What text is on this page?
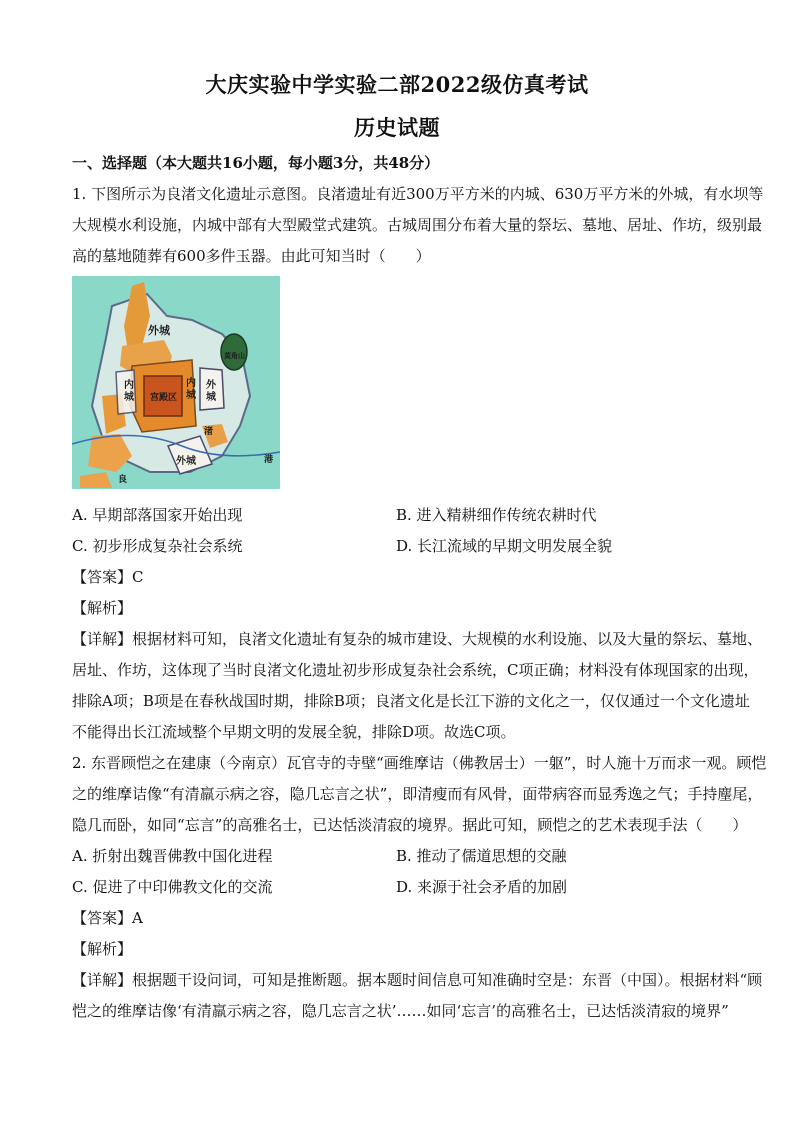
大庆实验中学实验二部2022级仿真考试
历史试题
一、选择题（本大题共16小题，每小题3分，共48分）
1. 下图所示为良渚文化遗址示意图。良渚遗址有近300万平方米的内城、630万平方米的外城，有水坝等
大规模水利设施，内城中部有大型殿堂式建筑。古城周围分布着大量的祭坛、墓地、居址、作坊，级别最
高的墓地随葬有600多件玉器。由此可知当时（　　）
外城
内城 宫殿区
内城
外城
外城
莫角山
良
渚
港
A. 早期部落国家开始出现	B. 进入精耕细作传统农耕时代
C. 初步形成复杂社会系统	D. 长江流域的早期文明发展全貌
【答案】C
【解析】
【详解】根据材料可知，良渚文化遗址有复杂的城市建设、大规模的水利设施、以及大量的祭坛、墓地、
居址、作坊，这体现了当时良渚文化遗址初步形成复杂社会系统，C项正确；材料没有体现国家的出现，
排除A项；B项是在春秋战国时期，排除B项；良渚文化是长江下游的文化之一，仅仅通过一个文化遗址
不能得出长江流域整个早期文明的发展全貌，排除D项。故选C项。
2. 东晋顾恺之在建康（今南京）瓦官寺的寺壁“画维摩诘（佛教居士）一躯”，时人施十万而求一观。顾恺
之的维摩诘像“有清羸示病之容，隐几忘言之状”，即清瘦而有风骨，面带病容而显秀逸之气；手持麈尾，
隐几而卧，如同“忘言”的高雅名士，已达恬淡清寂的境界。据此可知，顾恺之的艺术表现手法（　　）
A. 折射出魏晋佛教中国化进程	B. 推动了儒道思想的交融
C. 促进了中印佛教文化的交流	D. 来源于社会矛盾的加剧
【答案】A
【解析】
【详解】根据题干设问词，可知是推断题。据本题时间信息可知准确时空是：东晋（中国）。根据材料“顾
恺之的维摩诘像‘有清羸示病之容，隐几忘言之状’……如同‘忘言’的高雅名士，已达恬淡清寂的境界”
